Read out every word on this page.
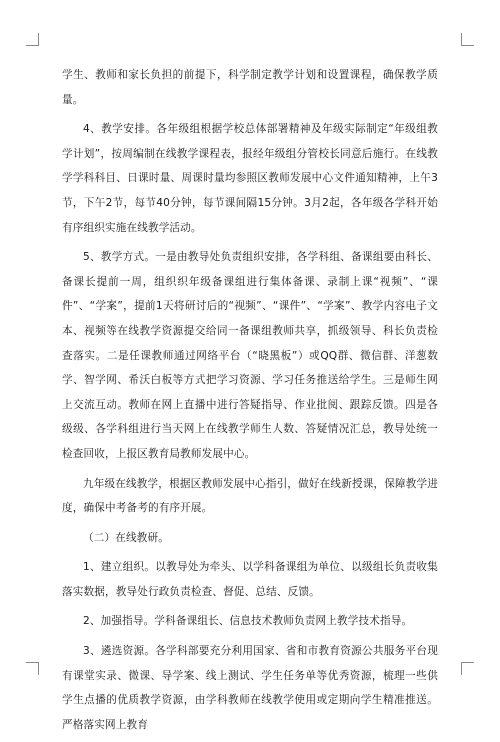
学生、教师和家长负担的前提下，科学制定教学计划和设置课程，确保教学质量。

4、教学安排。各年级组根据学校总体部署精神及年级实际制定“年级组教学计划”，按周编制在线教学课程表，报经年级组分管校长同意后施行。在线教学学科科目、日课时量、周课时量均参照区教师发展中心文件通知精神，上午3节，下午2节，每节40分钟，每节课间隔15分钟。3月2起，各年级各学科开始有序组织实施在线教学活动。

5、教学方式。一是由教导处负责组织安排，各学科组、备课组要由科长、备课长提前一周，组织织年级备课组进行集体备课、录制上课“视频”、“课件”、“学案”，提前1天将研讨后的“视频”、“课件”、“学案”、教学内容电子文本、视频等在线教学资源提交给同一备课组教师共享，抓级领导、科长负责检查落实。二是任课教师通过网络平台（“晓黑板”）或QQ群、微信群、洋葱数学、智学网、希沃白板等方式把学习资源、学习任务推送给学生。三是师生网上交流互动。教师在网上直播中进行答疑指导、作业批阅、跟踪反馈。四是各级级、各学科组进行当天网上在线教学师生人数、答疑情况汇总，教导处统一检查回收，上报区教育局教师发展中心。

九年级在线教学，根据区教师发展中心指引，做好在线新授课，保障教学进度，确保中考备考的有序开展。

（二）在线教研。

1、建立组织。以教导处为牵头、以学科备课组为单位、以级组长负责收集落实数据，教导处行政负责检查、督促、总结、反馈。

2、加强指导。学科备课组长、信息技术教师负责网上教学技术指导。

3、遴选资源。各学科部要充分利用国家、省和市教育资源公共服务平台现有课堂实录、微课、导学案、线上测试、学生任务单等优秀资源，梳理一些供学生点播的优质教学资源，由学科教师在线教学使用或定期向学生精准推送。严格落实网上教育
